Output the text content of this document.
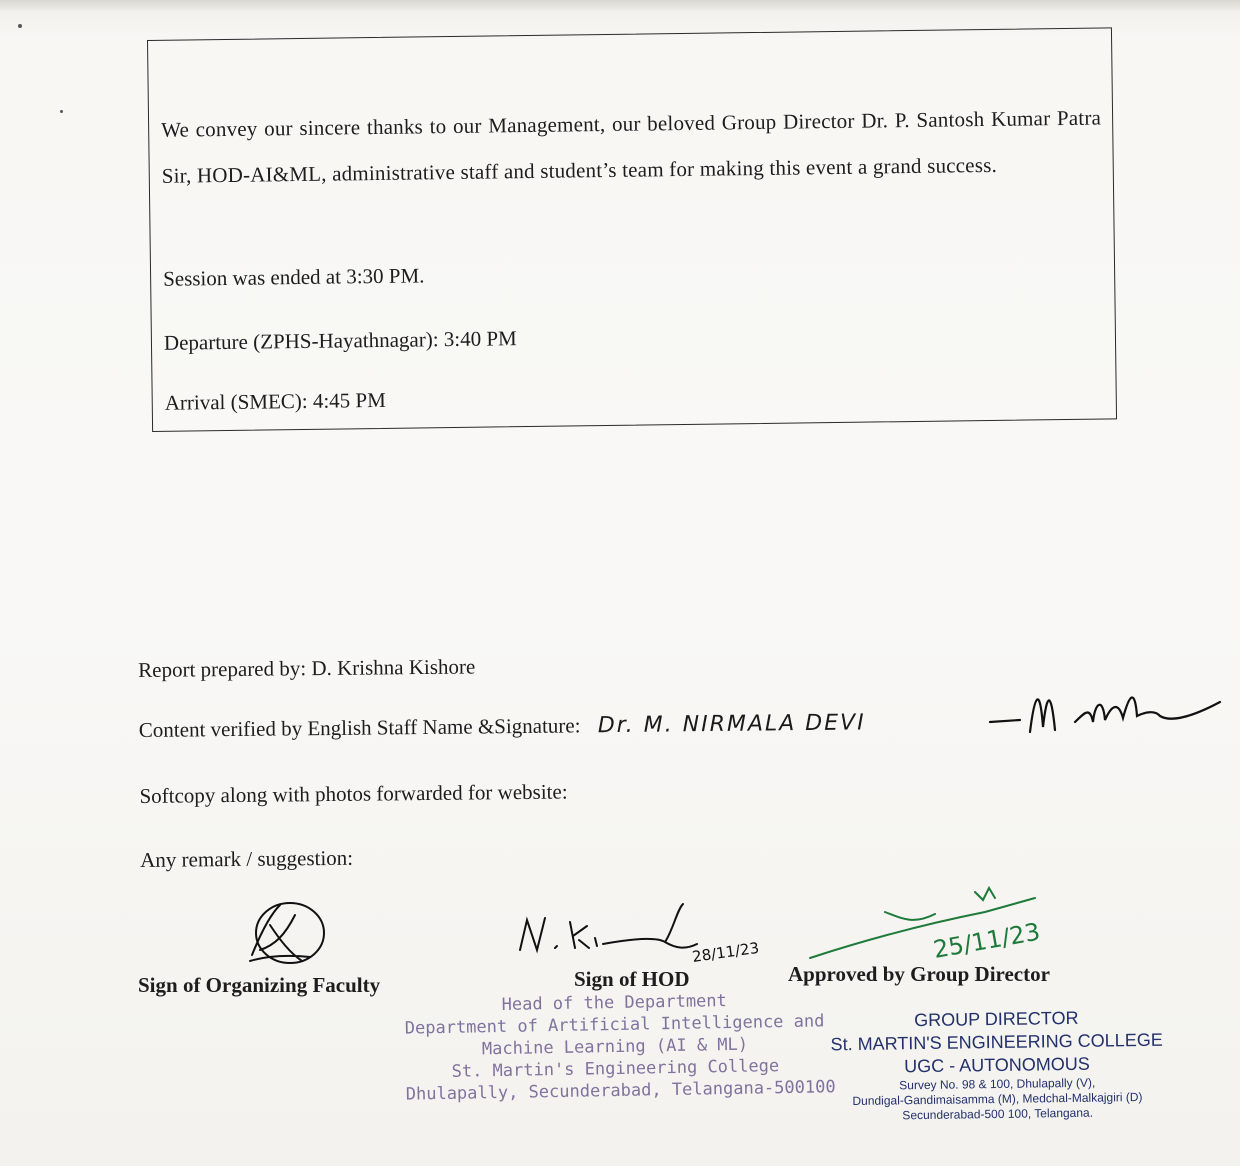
We convey our sincere thanks to our Management, our beloved Group Director Dr. P. Santosh Kumar Patra Sir, HOD-AI&ML, administrative staff and student’s team for making this event a grand success.
Session was ended at 3:30 PM.
Departure (ZPHS-Hayathnagar): 3:40 PM
Arrival (SMEC): 4:45 PM
Report prepared by: D. Krishna Kishore
Content verified by English Staff Name &Signature: Dr. M. NIRMALA DEVI
Softcopy along with photos forwarded for website:
Any remark / suggestion:
Sign of Organizing Faculty
28/11/23
Sign of HOD
25/11/23
Approved by Group Director
Head of the Department
Department of Artificial Intelligence and
Machine Learning (AI & ML)
St. Martin's Engineering College
Dhulapally, Secunderabad, Telangana-500100
GROUP DIRECTOR
St. MARTIN'S ENGINEERING COLLEGE
UGC - AUTONOMOUS
Survey No. 98 & 100, Dhulapally (V),
Dundigal-Gandimaisamma (M), Medchal-Malkajgiri (D)
Secunderabad-500 100, Telangana.
